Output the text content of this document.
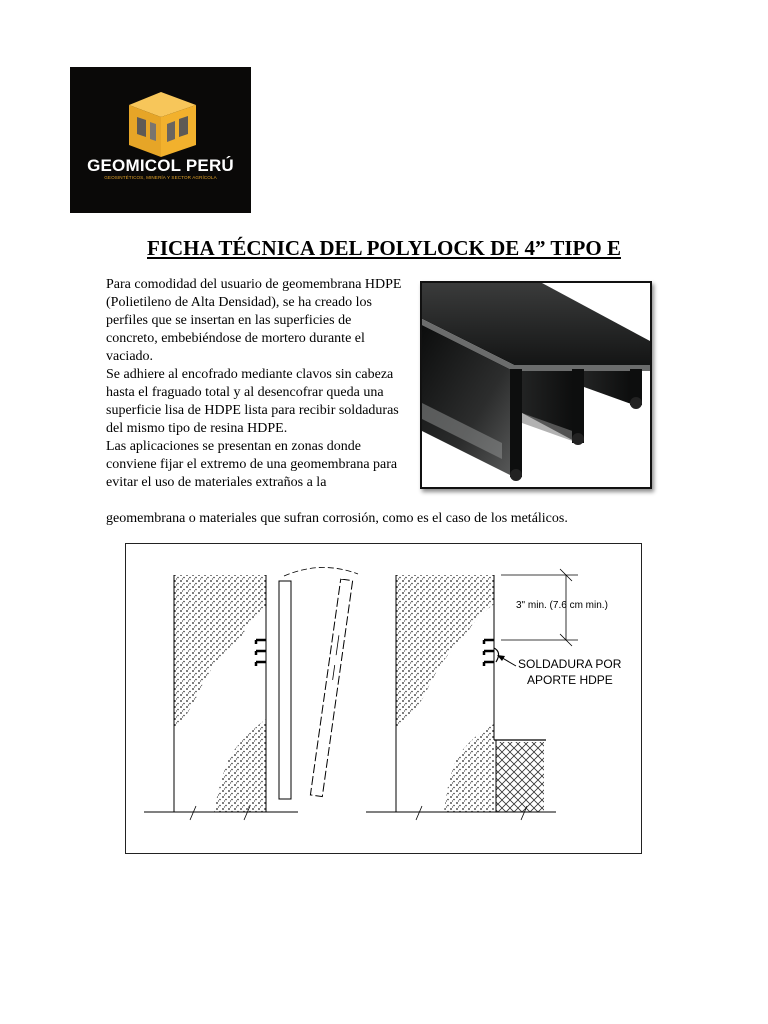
GEOMICOL PERÚ
GEOSINTÉTICOS, MINERÍA Y SECTOR AGRÍCOLA
FICHA TÉCNICA DEL POLYLOCK DE 4” TIPO E

Para comodidad del usuario de geomembrana HDPE (Polietileno de Alta Densidad), se ha creado los perfiles que se insertan en las superficies de concreto, embebiéndose de mortero durante el vaciado.

Se adhiere al encofrado mediante clavos sin cabeza hasta el fraguado total y al desencofrar queda una superficie lisa de HDPE lista para recibir soldaduras del mismo tipo de resina HDPE.

Las aplicaciones se presentan en zonas donde conviene fijar el extremo de una geomembrana para evitar el uso de materiales extraños a la

geomembrana o materiales que sufran corrosión, como es el caso de los metálicos.
3" min. (7.6 cm min.)
SOLDADURA POR
APORTE HDPE
